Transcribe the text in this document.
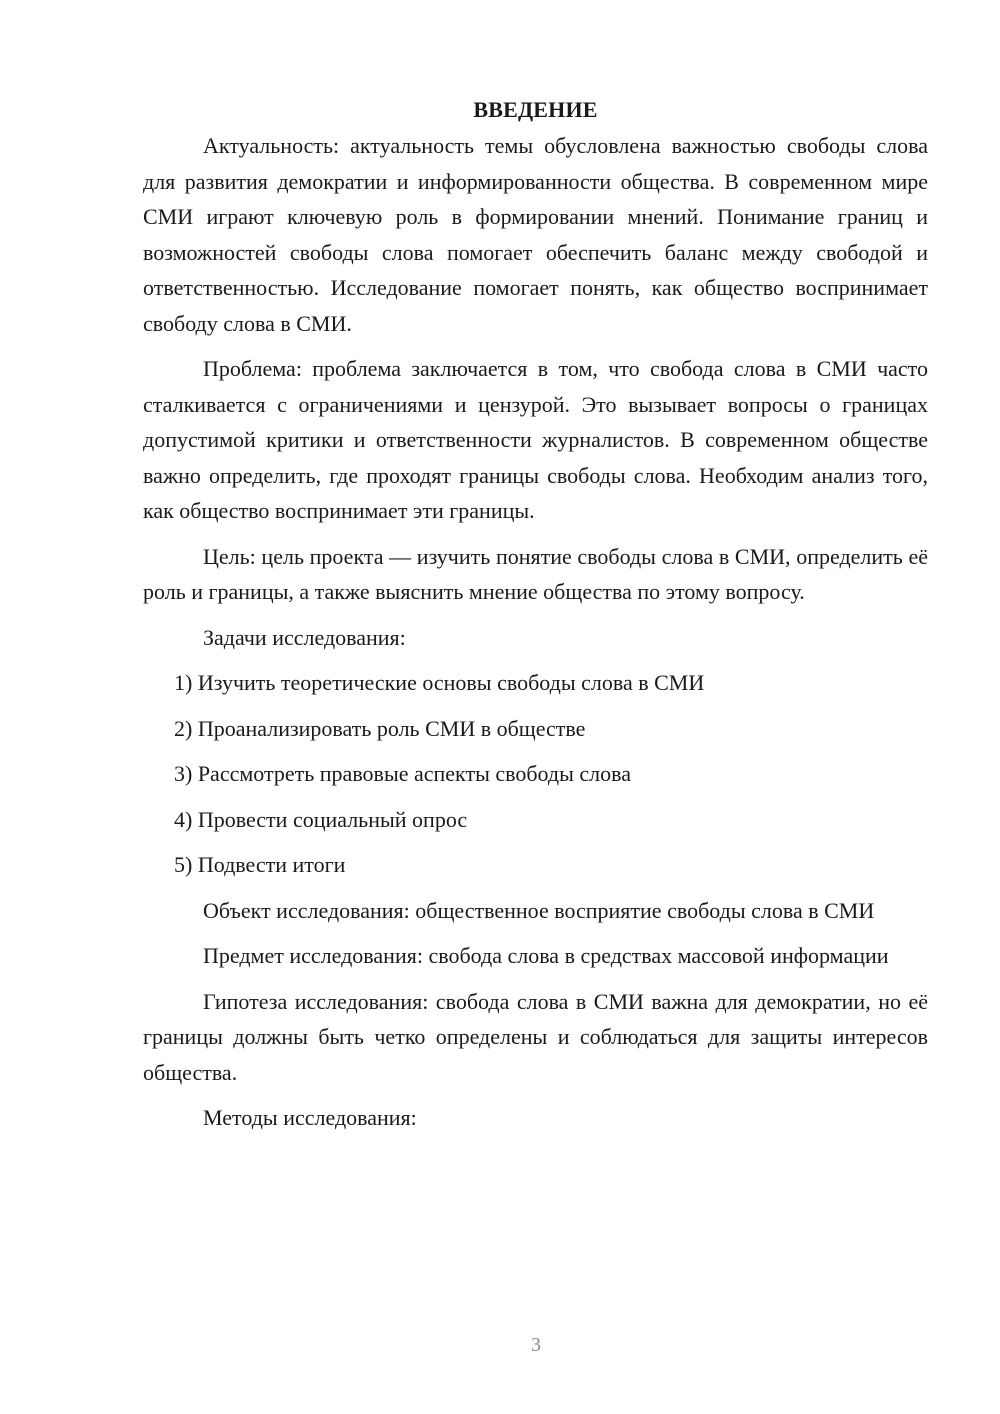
ВВЕДЕНИЕ

Актуальность: актуальность темы обусловлена важностью свободы слова для развития демократии и информированности общества. В современном мире СМИ играют ключевую роль в формировании мнений. Понимание границ и возможностей свободы слова помогает обеспечить баланс между свободой и ответственностью. Исследование помогает понять, как общество воспринимает свободу слова в СМИ.

Проблема: проблема заключается в том, что свобода слова в СМИ часто сталкивается с ограничениями и цензурой. Это вызывает вопросы о границах допустимой критики и ответственности журналистов. В современном обществе важно определить, где проходят границы свободы слова. Необходим анализ того, как общество воспринимает эти границы.

Цель: цель проекта — изучить понятие свободы слова в СМИ, определить её роль и границы, а также выяснить мнение общества по этому вопросу.

Задачи исследования:

1) Изучить теоретические основы свободы слова в СМИ
2) Проанализировать роль СМИ в обществе
3) Рассмотреть правовые аспекты свободы слова
4) Провести социальный опрос
5) Подвести итоги

Объект исследования: общественное восприятие свободы слова в СМИ

Предмет исследования: свобода слова в средствах массовой информации

Гипотеза исследования: свобода слова в СМИ важна для демократии, но её границы должны быть четко определены и соблюдаться для защиты интересов общества.

Методы исследования:

3
